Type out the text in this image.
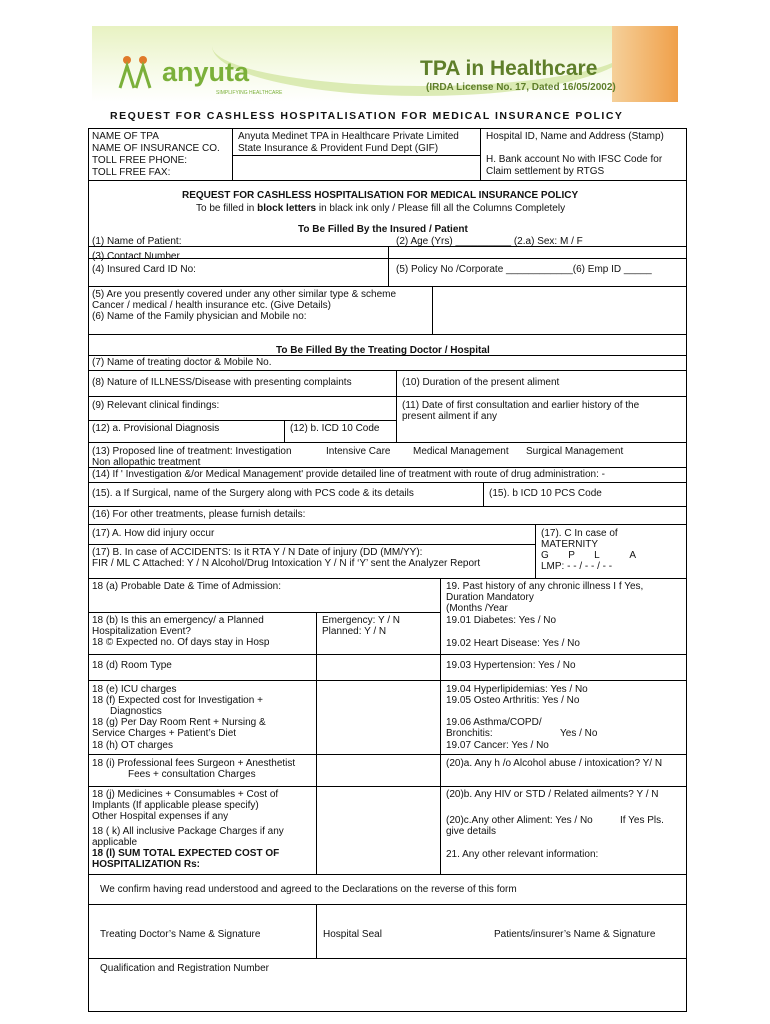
anyuta
SIMPLIFYING HEALTHCARE
TPA in Healthcare
(IRDA License No. 17, Dated 16/05/2002)
REQUEST FOR CASHLESS HOSPITALISATION FOR MEDICAL INSURANCE POLICY
NAME OF TPA
NAME OF INSURANCE CO.
TOLL FREE PHONE:
TOLL FREE FAX:
Anyuta Medinet TPA in Healthcare Private Limited
State Insurance & Provident Fund Dept (GIF)
Hospital ID, Name and Address (Stamp)
H. Bank account No with IFSC Code for
Claim settlement by RTGS
REQUEST FOR CASHLESS HOSPITALISATION FOR MEDICAL INSURANCE POLICY
To be filled in block letters in black ink only / Please fill all the Columns Completely
To Be Filled By the Insured / Patient
(1) Name of Patient:	(2) Age (Yrs) __________ (2.a) Sex: M / F
(3) Contact Number
(4) Insured Card ID No:	(5) Policy No /Corporate ____________(6) Emp ID _____
(5) Are you presently covered under any other similar type & scheme
Cancer / medical / health insurance etc. (Give Details)
(6) Name of the Family physician and Mobile no:
To Be Filled By the Treating Doctor / Hospital
(7) Name of treating doctor & Mobile No.
(8) Nature of ILLNESS/Disease with presenting complaints	(10) Duration of the present aliment
(9) Relevant clinical findings:	(11) Date of first consultation and earlier history of the
present ailment if any
(12) a. Provisional Diagnosis	(12) b. ICD 10 Code
(13) Proposed line of treatment: Investigation	Intensive Care Medical Management Surgical Management
Non allopathic treatment
(14) If ' Investigation &/or Medical Management' provide detailed line of treatment with route of drug administration: -
(15). a If Surgical, name of the Surgery along with PCS code & its details	(15). b ICD 10 PCS Code
(16) For other treatments, please furnish details:
(17) A. How did injury occur
(17) B. In case of ACCIDENTS: Is it RTA Y / N Date of injury (DD (MM/YY):
FIR / ML C Attached: Y / N Alcohol/Drug Intoxication Y / N if ‘Y’ sent the Analyzer Report
(17). C In case of
MATERNITY
G       P       L           A
LMP: - - / - - / - -
18 (a) Probable Date & Time of Admission:
18 (b) Is this an emergency/ a Planned
Hospitalization Event?
18 © Expected no. Of days stay in Hosp
Emergency: Y / N
Planned: Y / N
18 (d) Room Type
18 (e) ICU charges
18 (f) Expected cost for Investigation +
Diagnostics
18 (g) Per Day Room Rent + Nursing &
Service Charges + Patient’s Diet
18 (h) OT charges
18 (i) Professional fees Surgeon + Anesthetist
Fees + consultation Charges
18 (j) Medicines + Consumables + Cost of
Implants (If applicable please specify)
Other Hospital expenses if any
18 ( k) All inclusive Package Charges if any
applicable
18 (l) SUM TOTAL EXPECTED COST OF
HOSPITALIZATION Rs:
19. Past history of any chronic illness I f Yes,
Duration Mandatory
(Months /Year
19.01 Diabetes: Yes / No
19.02 Heart Disease: Yes / No
19.03 Hypertension: Yes / No
19.04 Hyperlipidemias: Yes / No
19.05 Osteo Arthritis: Yes / No
19.06 Asthma/COPD/
Bronchitis:	Yes / No
19.07 Cancer: Yes / No
(20)a. Any h /o Alcohol abuse / intoxication? Y/ N
(20)b. Any HIV or STD / Related ailments? Y / N
(20)c.Any other Aliment: Yes / No	If Yes Pls.
give details
21. Any other relevant information:
We confirm having read understood and agreed to the Declarations on the reverse of this form
Treating Doctor’s Name & Signature	Hospital Seal	Patients/insurer’s Name & Signature
Qualification and Registration Number
